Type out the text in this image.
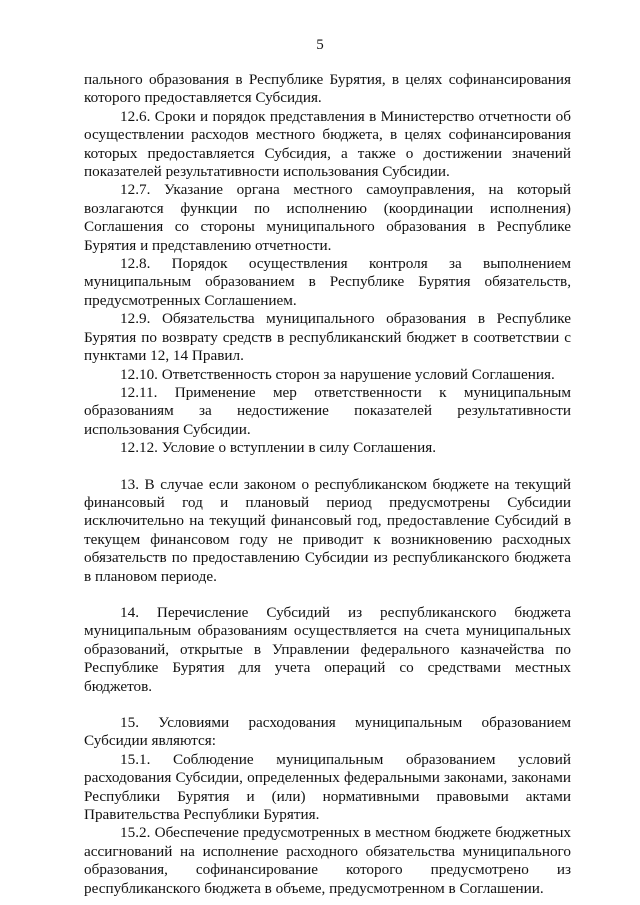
5

пального образования в Республике Бурятия, в целях софинансирования которого предоставляется Субсидия.

12.6. Сроки и порядок представления в Министерство отчетности об осуществлении расходов местного бюджета, в целях софинансирования которых предоставляется Субсидия, а также о достижении значений показателей результативности использования Субсидии.

12.7. Указание органа местного самоуправления, на который возлагаются функции по исполнению (координации исполнения) Соглашения со стороны муниципального образования в Республике Бурятия и представлению отчетности.

12.8. Порядок осуществления контроля за выполнением муниципальным образованием в Республике Бурятия обязательств, предусмотренных Соглашением.

12.9. Обязательства муниципального образования в Республике Бурятия по возврату средств в республиканский бюджет в соответствии с пунктами 12, 14 Правил.

12.10. Ответственность сторон за нарушение условий Соглашения.

12.11. Применение мер ответственности к муниципальным образованиям за недостижение показателей результативности использования Субсидии.

12.12. Условие о вступлении в силу Соглашения.

13. В случае если законом о республиканском бюджете на текущий финансовый год и плановый период предусмотрены Субсидии исключительно на текущий финансовый год, предоставление Субсидий в текущем финансовом году не приводит к возникновению расходных обязательств по предоставлению Субсидии из республиканского бюджета в плановом периоде.

14. Перечисление Субсидий из республиканского бюджета муниципальным образованиям осуществляется на счета муниципальных образований, открытые в Управлении федерального казначейства по Республике Бурятия для учета операций со средствами местных бюджетов.

15. Условиями расходования муниципальным образованием Субсидии являются:

15.1. Соблюдение муниципальным образованием условий расходования Субсидии, определенных федеральными законами, законами Республики Бурятия и (или) нормативными правовыми актами Правительства Республики Бурятия.

15.2. Обеспечение предусмотренных в местном бюджете бюджетных ассигнований на исполнение расходного обязательства муниципального образования, софинансирование которого предусмотрено из республиканского бюджета в объеме, предусмотренном в Соглашении.
